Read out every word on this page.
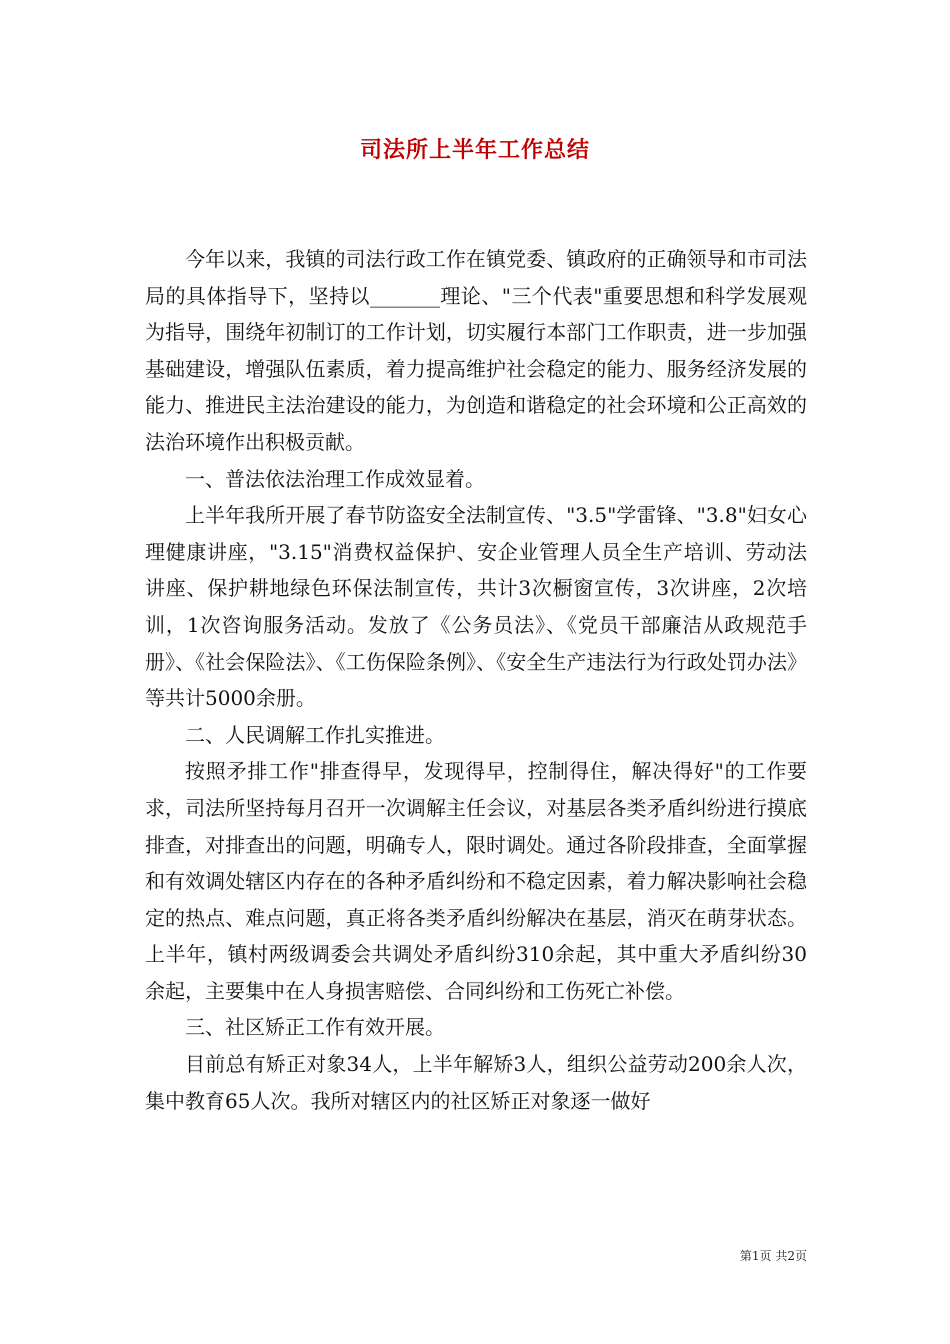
司法所上半年工作总结

今年以来，我镇的司法行政工作在镇党委、镇政府的正确领导和市司法局的具体指导下，坚持以_______理论、"三个代表"重要思想和科学发展观为指导，围绕年初制订的工作计划，切实履行本部门工作职责，进一步加强基础建设，增强队伍素质，着力提高维护社会稳定的能力、服务经济发展的能力、推进民主法治建设的能力，为创造和谐稳定的社会环境和公正高效的法治环境作出积极贡献。

一、普法依法治理工作成效显着。

上半年我所开展了春节防盗安全法制宣传、"3.5"学雷锋、"3.8"妇女心理健康讲座，"3.15"消费权益保护、安企业管理人员全生产培训、劳动法讲座、保护耕地绿色环保法制宣传，共计3次橱窗宣传，3次讲座，2次培训，1次咨询服务活动。发放了《公务员法》、《党员干部廉洁从政规范手册》、《社会保险法》、《工伤保险条例》、《安全生产违法行为行政处罚办法》等共计5000余册。

二、人民调解工作扎实推进。

按照矛排工作"排查得早，发现得早，控制得住，解决得好"的工作要求，司法所坚持每月召开一次调解主任会议，对基层各类矛盾纠纷进行摸底排查，对排查出的问题，明确专人，限时调处。通过各阶段排查，全面掌握和有效调处辖区内存在的各种矛盾纠纷和不稳定因素，着力解决影响社会稳定的热点、难点问题，真正将各类矛盾纠纷解决在基层，消灭在萌芽状态。上半年，镇村两级调委会共调处矛盾纠纷310余起，其中重大矛盾纠纷30余起，主要集中在人身损害赔偿、合同纠纷和工伤死亡补偿。

三、社区矫正工作有效开展。

目前总有矫正对象34人，上半年解矫3人，组织公益劳动200余人次，集中教育65人次。我所对辖区内的社区矫正对象逐一做好

第1页 共2页
